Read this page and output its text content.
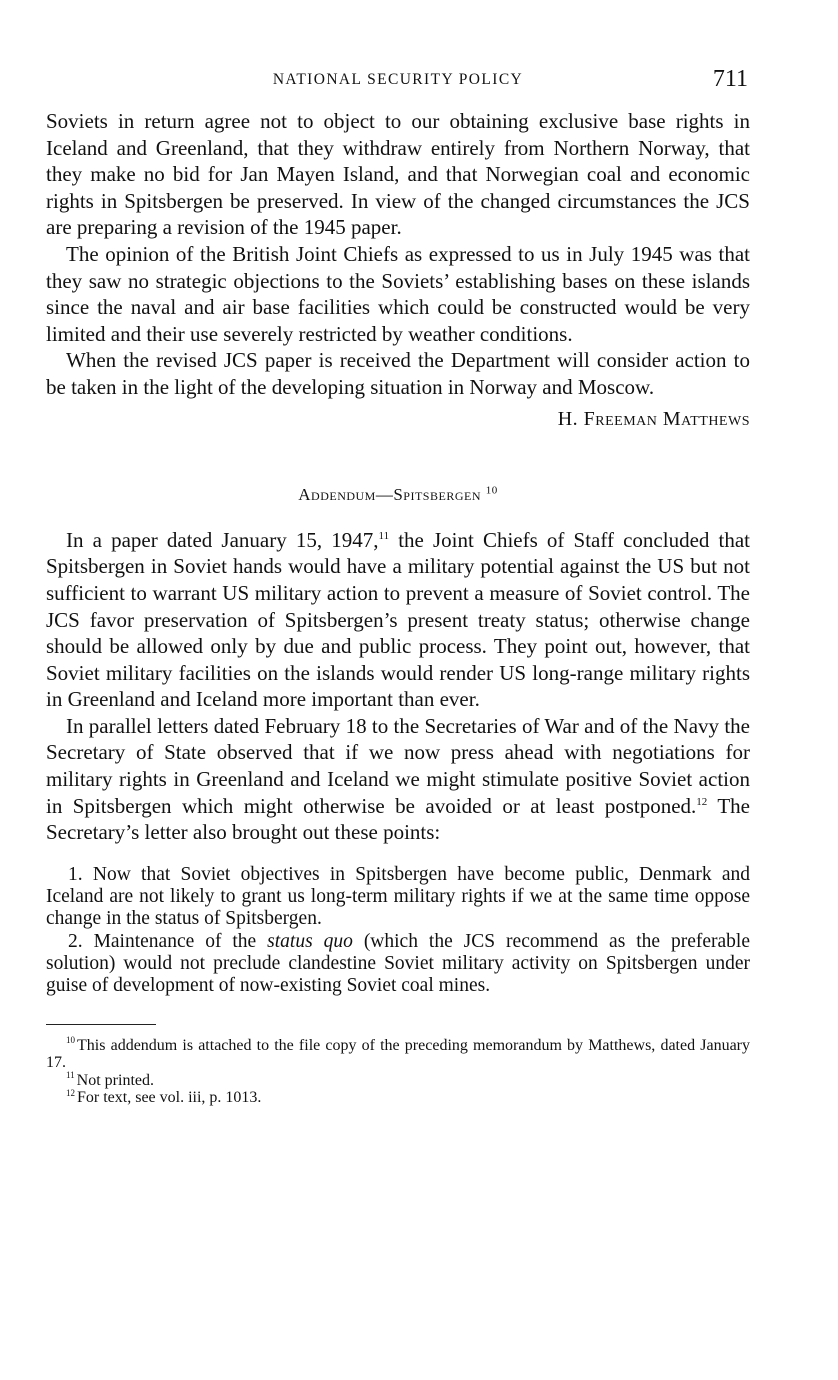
NATIONAL SECURITY POLICY	711

Soviets in return agree not to object to our obtaining exclusive base rights in Iceland and Greenland, that they withdraw entirely from Northern Norway, that they make no bid for Jan Mayen Island, and that Norwegian coal and economic rights in Spitsbergen be preserved. In view of the changed circumstances the JCS are preparing a revision of the 1945 paper.

The opinion of the British Joint Chiefs as expressed to us in July 1945 was that they saw no strategic objections to the Soviets’ establishing bases on these islands since the naval and air base facilities which could be constructed would be very limited and their use severely restricted by weather conditions.

When the revised JCS paper is received the Department will consider action to be taken in the light of the developing situation in Norway and Moscow.

H. Freeman Matthews
Addendum—Spitsbergen $^{10}$

In a paper dated January 15, 1947,11 the Joint Chiefs of Staff concluded that Spitsbergen in Soviet hands would have a military potential against the US but not sufficient to warrant US military action to prevent a measure of Soviet control. The JCS favor preservation of Spitsbergen’s present treaty status; otherwise change should be allowed only by due and public process. They point out, however, that Soviet military facilities on the islands would render US long-range military rights in Greenland and Iceland more important than ever.

In parallel letters dated February 18 to the Secretaries of War and of the Navy the Secretary of State observed that if we now press ahead with negotiations for military rights in Greenland and Iceland we might stimulate positive Soviet action in Spitsbergen which might otherwise be avoided or at least postponed.$^{12}$ The Secretary’s letter also brought out these points:

1. Now that Soviet objectives in Spitsbergen have become public, Denmark and Iceland are not likely to grant us long-term military rights if we at the same time oppose change in the status of Spitsbergen.

2. Maintenance of the status quo (which the JCS recommend as the preferable solution) would not preclude clandestine Soviet military activity on Spitsbergen under guise of development of now-existing Soviet coal mines.

$^{10}$ This addendum is attached to the file copy of the preceding memorandum by Matthews, dated January 17.

$^{11}$ Not printed.

$^{12}$ For text, see vol. iii, p. 1013.
